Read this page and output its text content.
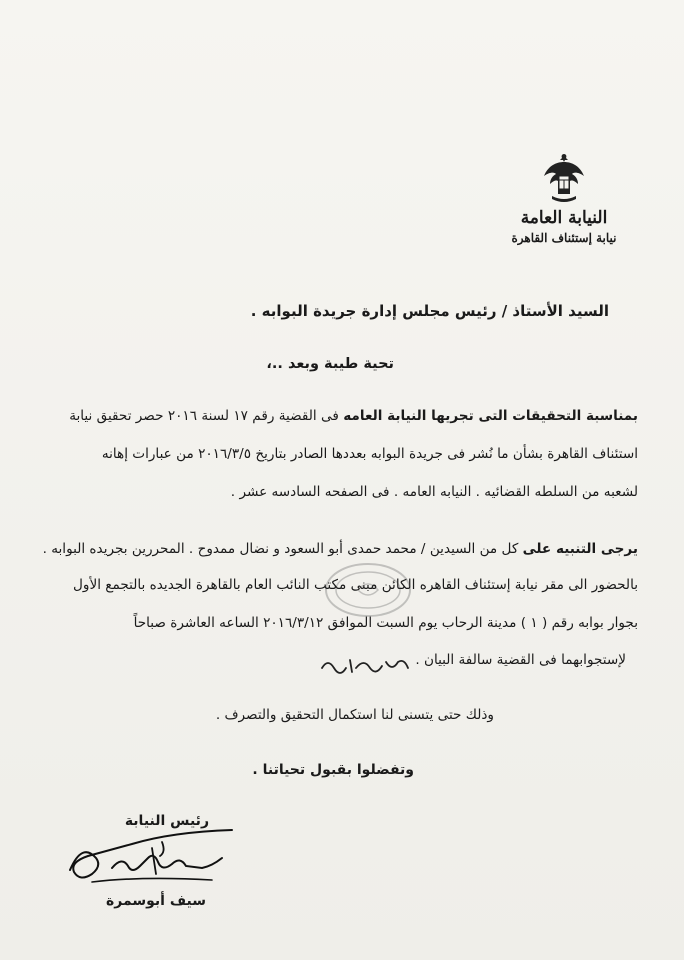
النيابة العامة
نيابة إستئناف القاهرة
السيد الأستاذ / رئيس مجلس إدارة جريدة البوابه .
تحية طيبة وبعد ..،
بمناسبة التحقيقات التى تجريها النيابة العامه فى القضية رقم ١٧ لسنة ٢٠١٦ حصر تحقيق نيابة
استئناف القاهرة بشأن ما نُشر فى جريدة البوابه بعددها الصادر بتاريخ ٢٠١٦/٣/٥ من عبارات إهانه
لشعبه من السلطه القضائيه . النيابه العامه . فى الصفحه السادسه عشر .
يرجى التنبيه على كل من السيدين / محمد حمدى أبو السعود و نضال ممدوح . المحررين بجريده البوابه .
بالحضور الى مقر نيابة إستئناف القاهره الكائن مبنى مكتب النائب العام بالقاهرة الجديده بالتجمع الأول
بجوار بوابه رقم ( ١ ) مدينة الرحاب يوم السبت الموافق ٢٠١٦/٣/١٢ الساعه العاشرة صباحاً
لإستجوابهما فى القضية سالفة البيان .
وذلك حتى يتسنى لنا استكمال التحقيق والتصرف .
وتفضلوا بقبول تحياتنا .
رئيس النيابة
سيف أبوسمرة
